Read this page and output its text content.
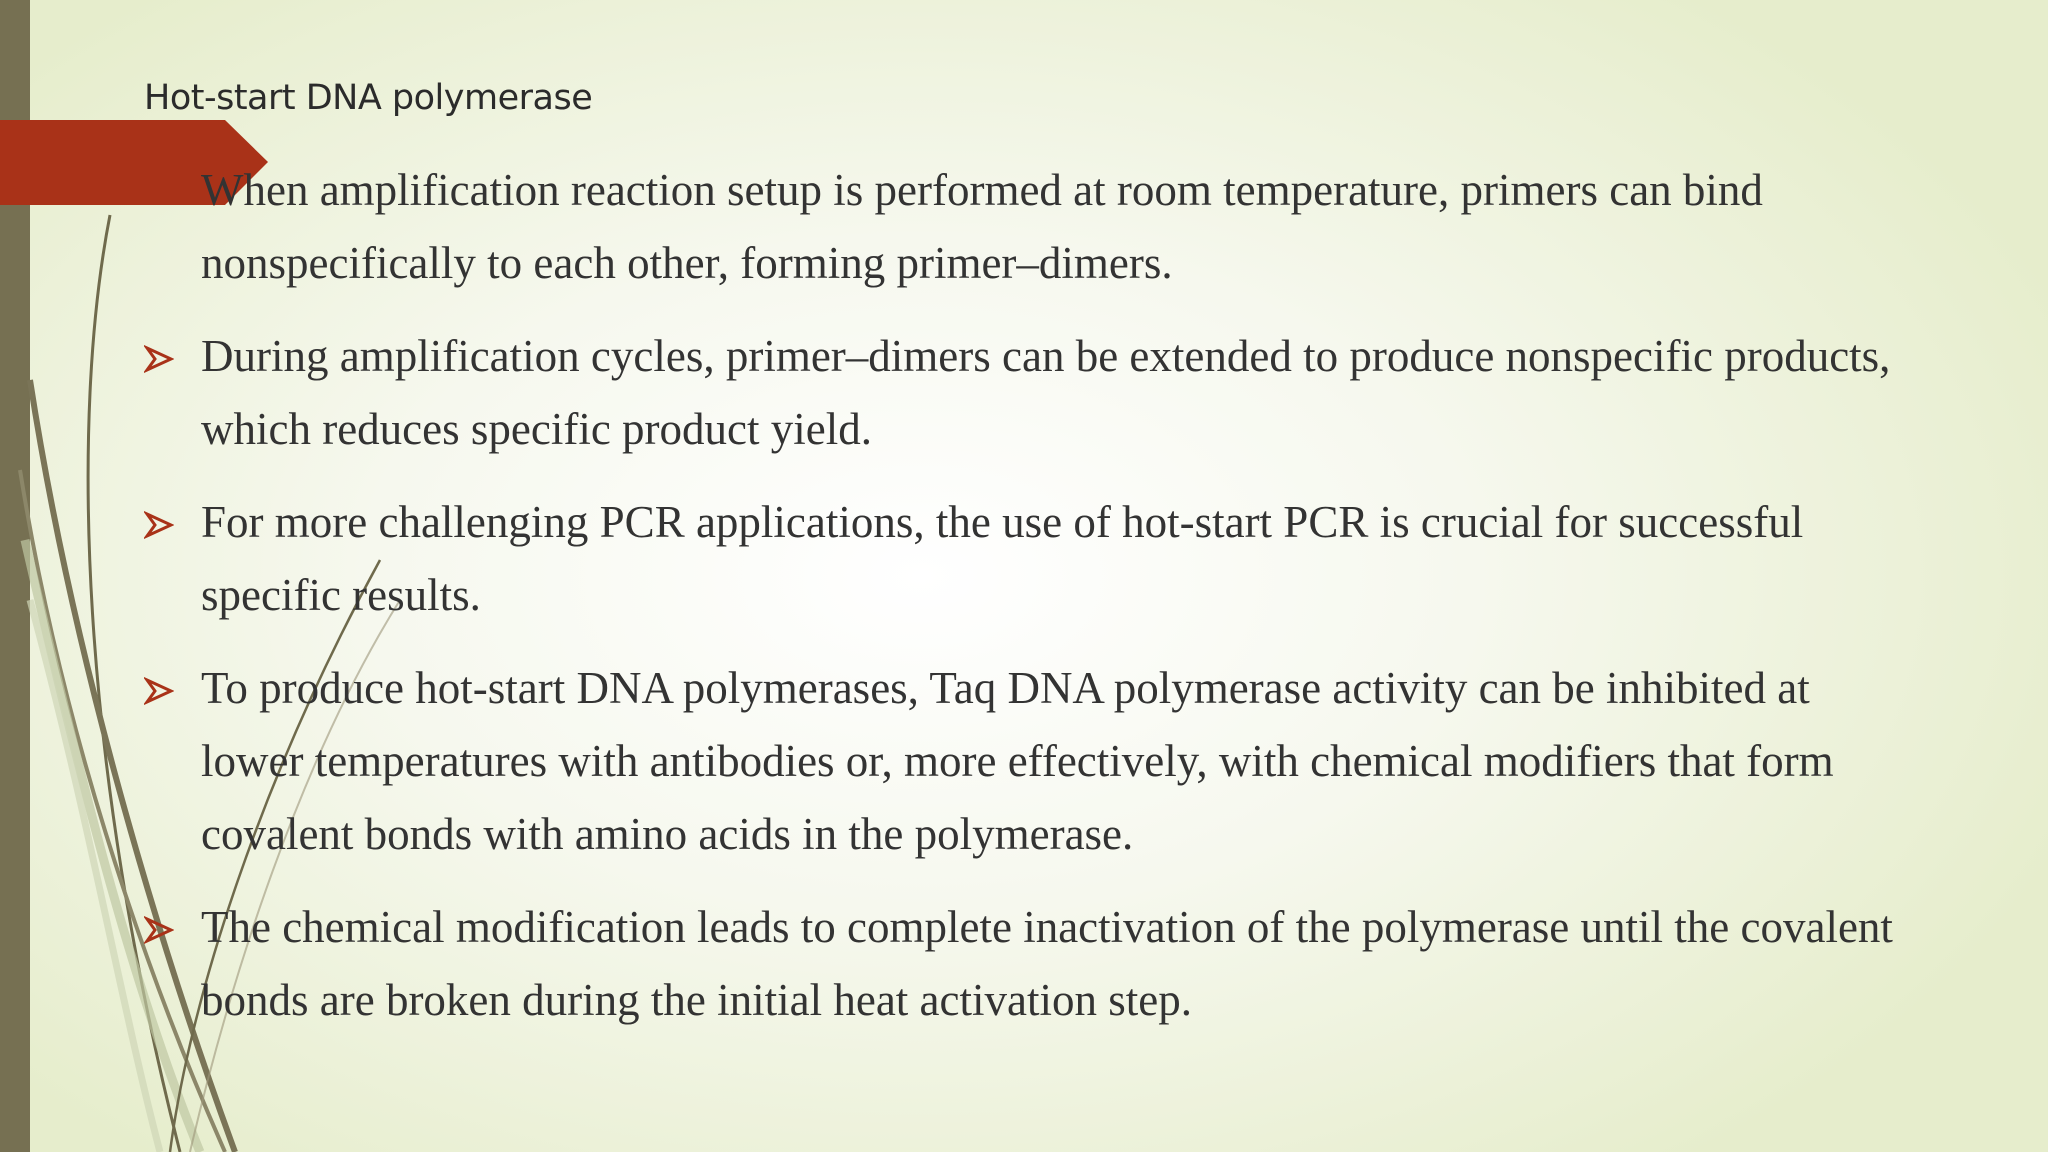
Hot-start DNA polymerase
When amplification reaction setup is performed at room temperature, primers can bind nonspecifically to each other, forming primer–dimers.
During amplification cycles, primer–dimers can be extended to produce nonspecific products, which reduces specific product yield.
For more challenging PCR applications, the use of hot-start PCR is crucial for successful specific results.
To produce hot-start DNA polymerases, Taq DNA polymerase activity can be inhibited at lower temperatures with antibodies or, more effectively, with chemical modifiers that form covalent bonds with amino acids in the polymerase.
The chemical modification leads to complete inactivation of the polymerase until the covalent bonds are broken during the initial heat activation step.
